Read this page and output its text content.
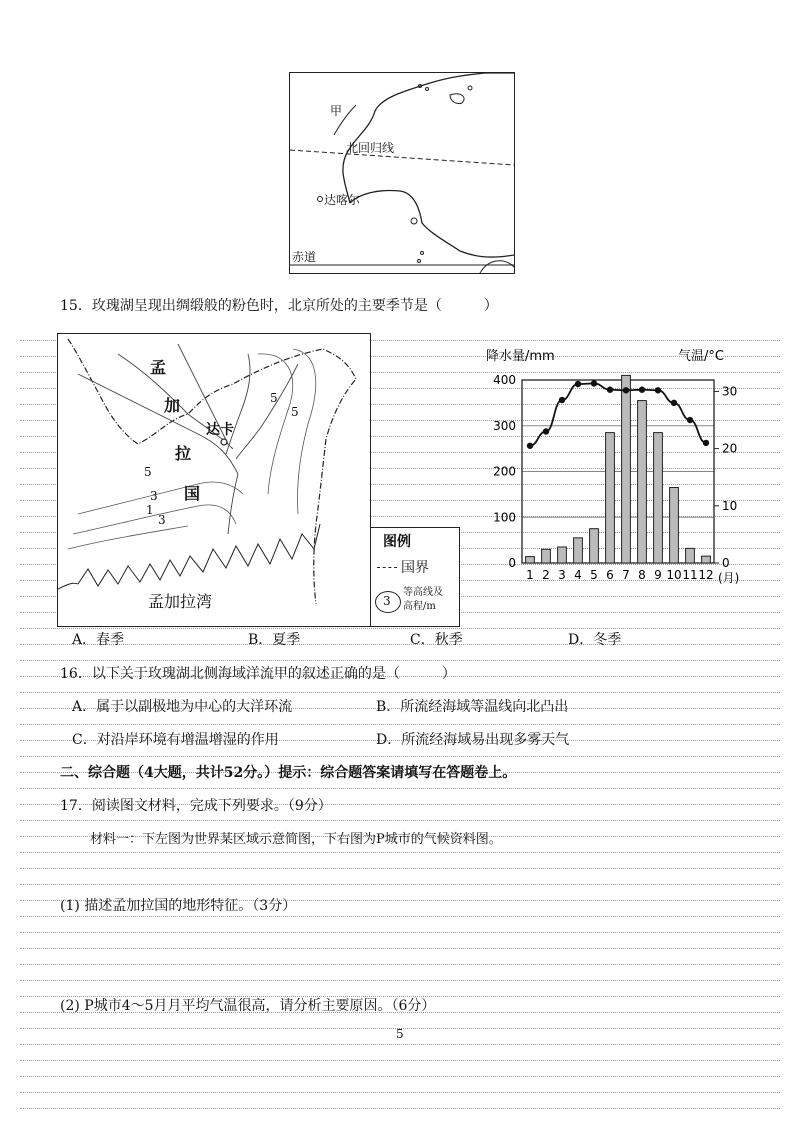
甲
北回归线
达喀尔
赤道
15．玫瑰湖呈现出绸缎般的粉色时，北京所处的主要季节是（　　　）
孟
加
达卡
拉
国
5
5
5
3
3
1
孟加拉湾
图例
国界
3
等高线及
高程/m
降水量/mm	气温/°C
(月)
400
300
200
100
0
30
20
10
0
1 2 3 4 5 6 7 8 9 10 11 12
A．春季	B．夏季	C．秋季	D．冬季
16．以下关于玫瑰湖北侧海域洋流甲的叙述正确的是（　　　）
A．属于以副极地为中心的大洋环流	B．所流经海域等温线向北凸出
C．对沿岸环境有增温增湿的作用	D．所流经海域易出现多雾天气
二、综合题（4大题，共计52分。）提示：综合题答案请填写在答题卷上。
17．阅读图文材料，完成下列要求。（9分）
材料一：下左图为世界某区域示意简图，下右图为P城市的气候资料图。
(1) 描述孟加拉国的地形特征。（3分）
(2) P城市4～5月月平均气温很高，请分析主要原因。（6分）
5
